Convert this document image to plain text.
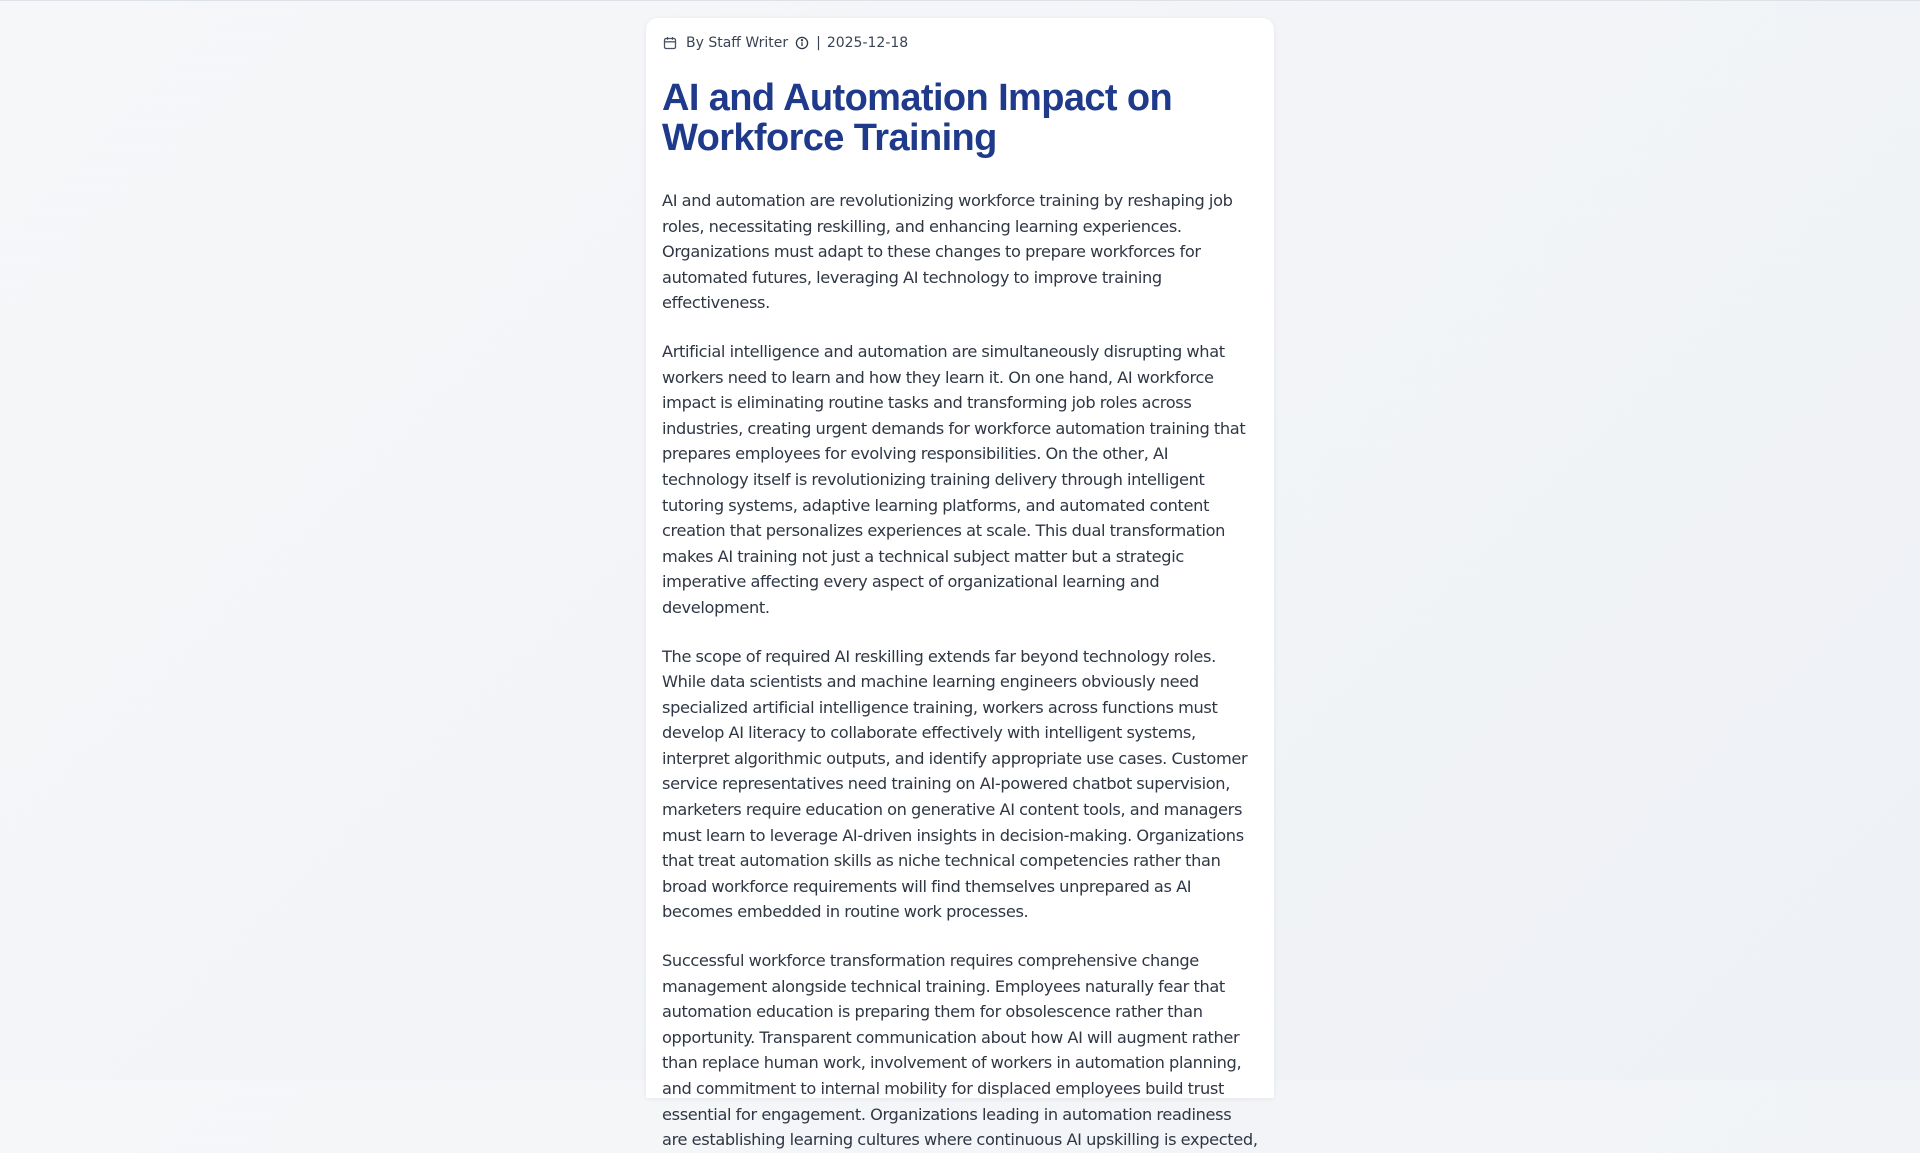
By Staff Writer | 2025-12-18
AI and Automation Impact on Workforce Training

AI and automation are revolutionizing workforce training by reshaping job roles, necessitating reskilling, and enhancing learning experiences. Organizations must adapt to these changes to prepare workforces for automated futures, leveraging AI technology to improve training effectiveness.

Artificial intelligence and automation are simultaneously disrupting what workers need to learn and how they learn it. On one hand, AI workforce impact is eliminating routine tasks and transforming job roles across industries, creating urgent demands for workforce automation training that prepares employees for evolving responsibilities. On the other, AI technology itself is revolutionizing training delivery through intelligent tutoring systems, adaptive learning platforms, and automated content creation that personalizes experiences at scale. This dual transformation makes AI training not just a technical subject matter but a strategic imperative affecting every aspect of organizational learning and development.

The scope of required AI reskilling extends far beyond technology roles. While data scientists and machine learning engineers obviously need specialized artificial intelligence training, workers across functions must develop AI literacy to collaborate effectively with intelligent systems, interpret algorithmic outputs, and identify appropriate use cases. Customer service representatives need training on AI-powered chatbot supervision, marketers require education on generative AI content tools, and managers must learn to leverage AI-driven insights in decision-making. Organizations that treat automation skills as niche technical competencies rather than broad workforce requirements will find themselves unprepared as AI becomes embedded in routine work processes.

Successful workforce transformation requires comprehensive change management alongside technical training. Employees naturally fear that automation education is preparing them for obsolescence rather than opportunity. Transparent communication about how AI will augment rather than replace human work, involvement of workers in automation planning, and commitment to internal mobility for displaced employees build trust essential for engagement. Organizations leading in automation readiness are establishing learning cultures where continuous AI upskilling is expected,
